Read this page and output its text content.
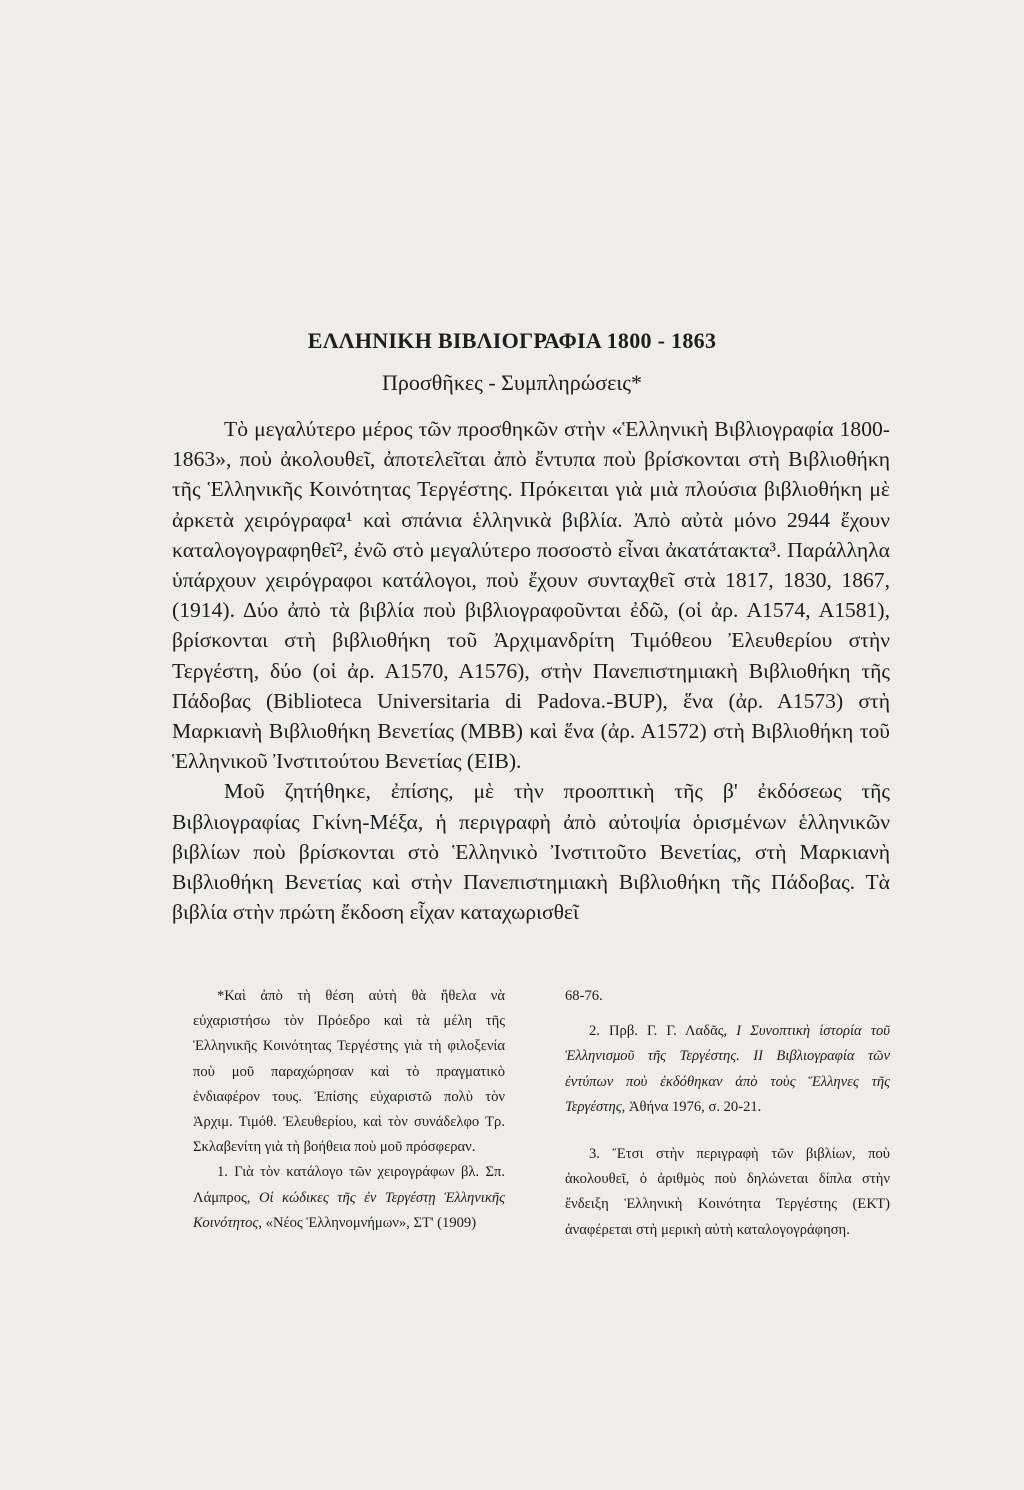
ΕΛΛΗΝΙΚΗ ΒΙΒΛΙΟΓΡΑΦΙΑ 1800 - 1863
Προσθῆκες - Συμπληρώσεις*

Τὸ μεγαλύτερο μέρος τῶν προσθηκῶν στὴν «Ἑλληνικὴ Βιβλιογραφία 1800-1863», ποὺ ἀκολουθεῖ, ἀποτελεῖται ἀπὸ ἔντυπα ποὺ βρίσκονται στὴ Βιβλιοθήκη τῆς Ἑλληνικῆς Κοινότητας Τεργέστης. Πρόκειται γιὰ μιὰ πλούσια βιβλιοθήκη μὲ ἀρκετὰ χειρόγραφα¹ καὶ σπάνια ἑλληνικὰ βιβλία. Ἀπὸ αὐτὰ μόνο 2944 ἔχουν καταλογογραφηθεῖ², ἐνῶ στὸ μεγαλύτερο ποσοστὸ εἶναι ἀκατάτακτα³. Παράλληλα ὑπάρχουν χειρόγραφοι κατάλογοι, ποὺ ἔχουν συνταχθεῖ στὰ 1817, 1830, 1867, (1914). Δύο ἀπὸ τὰ βιβλία ποὺ βιβλιογραφοῦνται ἐδῶ, (οἱ ἀρ. Α1574, Α1581), βρίσκονται στὴ βιβλιοθήκη τοῦ Ἀρχιμανδρίτη Τιμόθεου Ἐλευθερίου στὴν Τεργέστη, δύο (οἱ ἀρ. Α1570, Α1576), στὴν Πανεπιστημιακὴ Βιβλιοθήκη τῆς Πάδοβας (Biblioteca Universitaria di Padova.-BUP), ἕνα (ἀρ. Α1573) στὴ Μαρκιανὴ Βιβλιοθήκη Βενετίας (MBB) καὶ ἕνα (ἀρ. Α1572) στὴ Βιβλιοθήκη τοῦ Ἑλληνικοῦ Ἰνστιτούτου Βενετίας (ΕΙΒ).

Μοῦ ζητήθηκε, ἐπίσης, μὲ τὴν προοπτικὴ τῆς β' ἐκδόσεως τῆς Βιβλιογραφίας Γκίνη-Μέξα, ἡ περιγραφὴ ἀπὸ αὐτοψία ὁρισμένων ἑλληνικῶν βιβλίων ποὺ βρίσκονται στὸ Ἑλληνικὸ Ἰνστιτοῦτο Βενετίας, στὴ Μαρκιανὴ Βιβλιοθήκη Βενετίας καὶ στὴν Πανεπιστημιακὴ Βιβλιοθήκη τῆς Πάδοβας. Τὰ βιβλία στὴν πρώτη ἔκδοση εἶχαν καταχωρισθεῖ

*Καὶ ἀπὸ τὴ θέση αὐτὴ θὰ ἤθελα νὰ εὐχαριστήσω τὸν Πρόεδρο καὶ τὰ μέλη τῆς Ἑλληνικῆς Κοινότητας Τεργέστης γιὰ τὴ φιλοξενία ποὺ μοῦ παραχώρησαν καὶ τὸ πραγματικὸ ἐνδιαφέρον τους. Ἐπίσης εὐχαριστῶ πολὺ τὸν Ἀρχιμ. Τιμόθ. Ἐλευθερίου, καὶ τὸν συνάδελφο Τρ. Σκλαβενίτη γιὰ τὴ βοήθεια ποὺ μοῦ πρόσφεραν.

1. Γιὰ τὸν κατάλογο τῶν χειρογράφων βλ. Σπ. Λάμπρος, Οἱ κώδικες τῆς ἐν Τεργέστῃ Ἑλληνικῆς Κοινότητος, «Νέος Ἑλληνομνήμων», ΣΤ' (1909)

68-76.

2. Πρβ. Γ. Γ. Λαδᾶς, Ι Συνοπτικὴ ἱστορία τοῦ Ἑλληνισμοῦ τῆς Τεργέστης. ΙΙ Βιβλιογραφία τῶν ἐντύπων ποὺ ἐκδόθηκαν ἀπὸ τοὺς Ἕλληνες τῆς Τεργέστης, Ἀθήνα 1976, σ. 20-21.

3. Ἔτσι στὴν περιγραφὴ τῶν βιβλίων, ποὺ ἀκολουθεῖ, ὁ ἀριθμὸς ποὺ δηλώνεται δίπλα στὴν ἔνδειξη Ἑλληνικὴ Κοινότητα Τεργέστης (ΕΚΤ) ἀναφέρεται στὴ μερικὴ αὐτὴ καταλογογράφηση.
